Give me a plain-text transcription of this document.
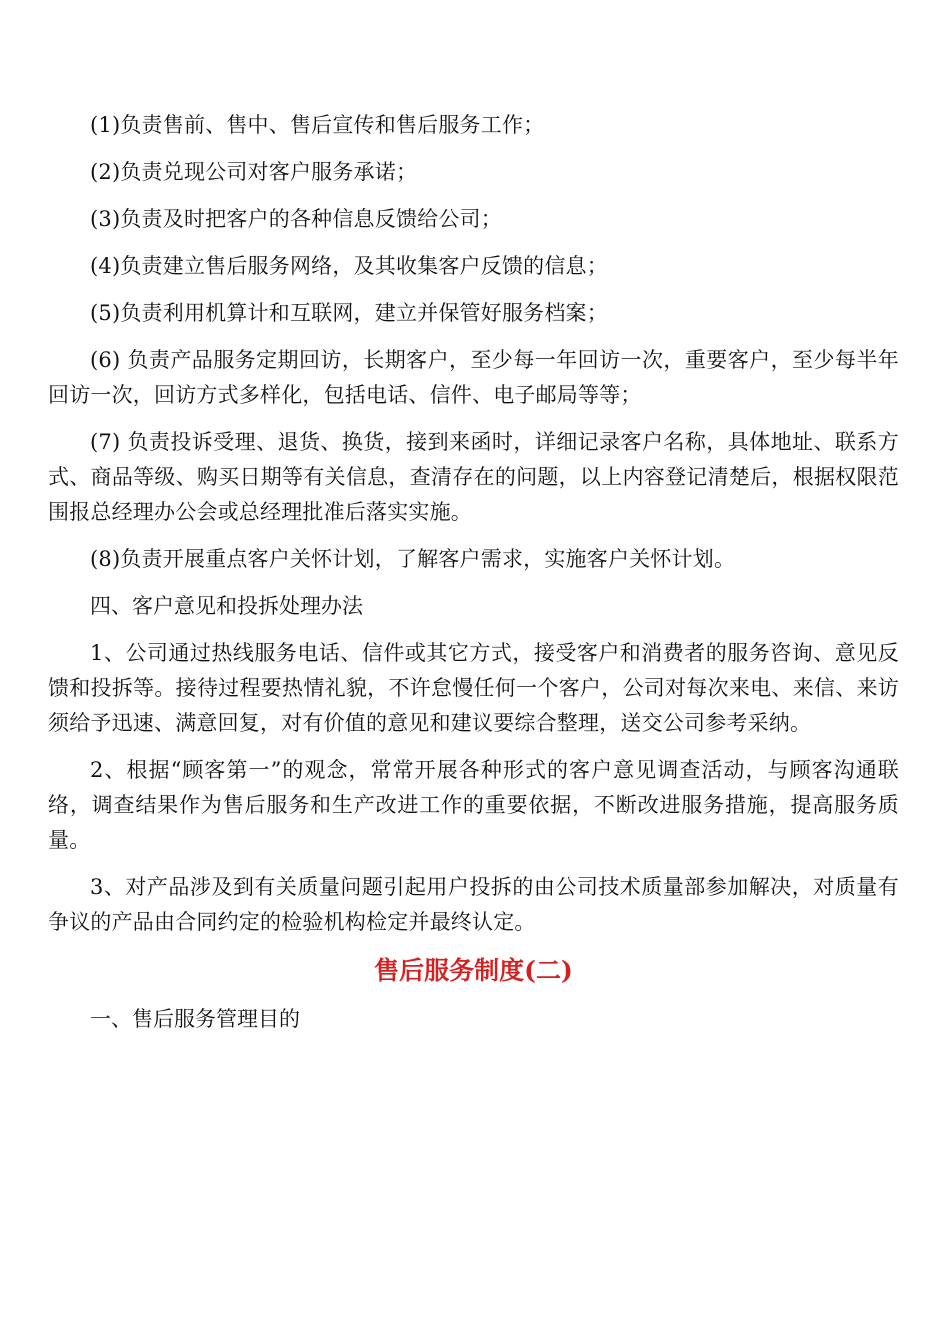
(1)负责售前、售中、售后宣传和售后服务工作；

(2)负责兑现公司对客户服务承诺；

(3)负责及时把客户的各种信息反馈给公司；

(4)负责建立售后服务网络，及其收集客户反馈的信息；

(5)负责利用机算计和互联网，建立并保管好服务档案；

(6) 负责产品服务定期回访，长期客户，至少每一年回访一次，重要客户，至少每半年回访一次，回访方式多样化，包括电话、信件、电子邮局等等；

(7) 负责投诉受理、退货、换货，接到来函时，详细记录客户名称，具体地址、联系方式、商品等级、购买日期等有关信息，查清存在的问题，以上内容登记清楚后，根据权限范围报总经理办公会或总经理批准后落实实施。

(8)负责开展重点客户关怀计划，了解客户需求，实施客户关怀计划。

四、客户意见和投拆处理办法

1、公司通过热线服务电话、信件或其它方式，接受客户和消费者的服务咨询、意见反馈和投拆等。接待过程要热情礼貌，不许怠慢任何一个客户，公司对每次来电、来信、来访须给予迅速、满意回复，对有价值的意见和建议要综合整理，送交公司参考采纳。

2、根据“顾客第一”的观念，常常开展各种形式的客户意见调查活动，与顾客沟通联络，调查结果作为售后服务和生产改进工作的重要依据，不断改进服务措施，提高服务质量。

3、对产品涉及到有关质量问题引起用户投拆的由公司技术质量部参加解决，对质量有争议的产品由合同约定的检验机构检定并最终认定。

售后服务制度(二)

一、售后服务管理目的
